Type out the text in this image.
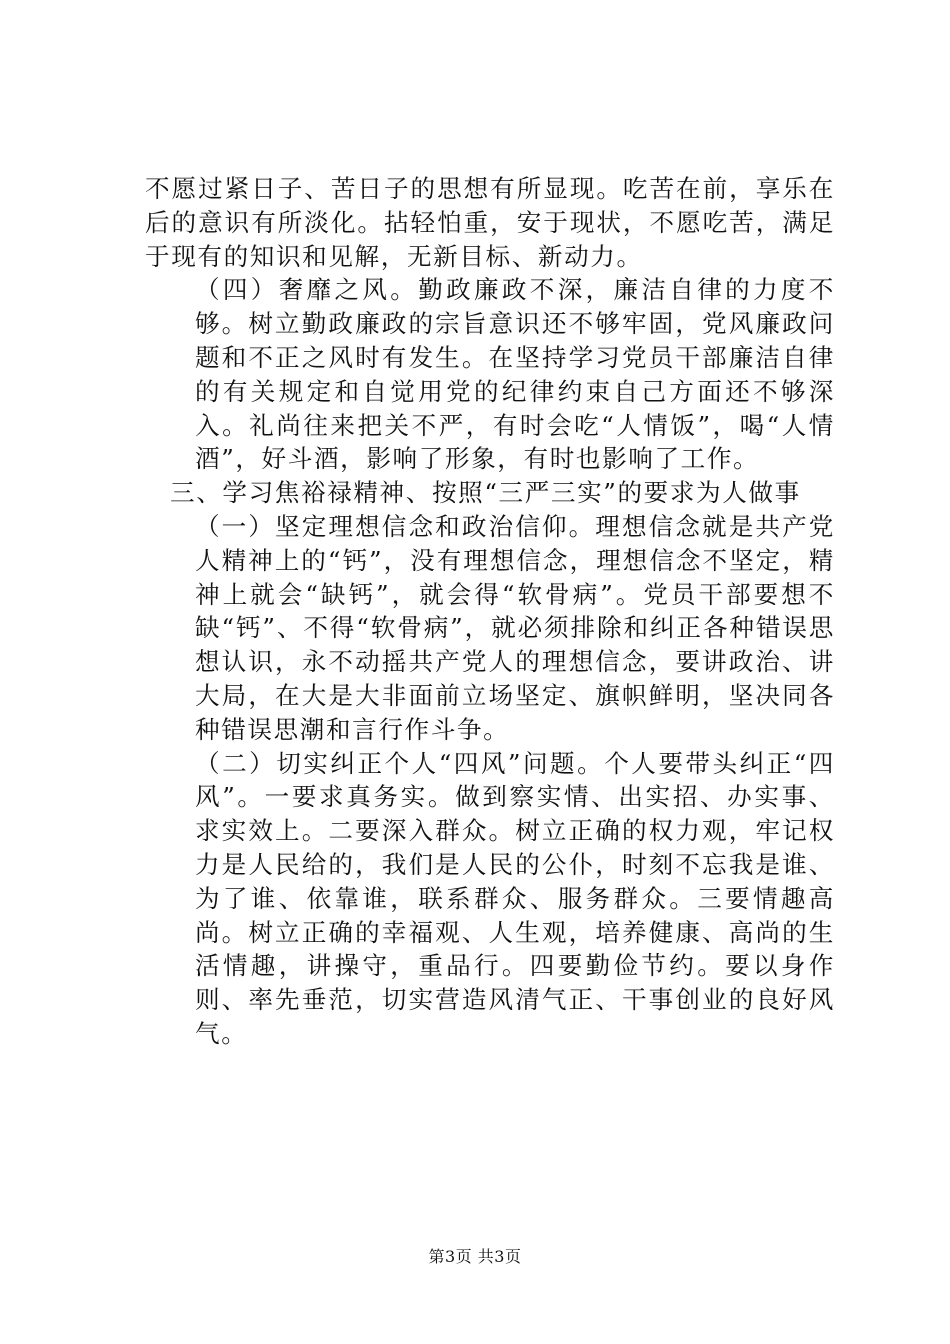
不愿过紧日子、苦日子的思想有所显现。吃苦在前，享乐在后的意识有所淡化。拈轻怕重，安于现状，不愿吃苦，满足于现有的知识和见解，无新目标、新动力。

（四）奢靡之风。勤政廉政不深，廉洁自律的力度不够。树立勤政廉政的宗旨意识还不够牢固，党风廉政问题和不正之风时有发生。在坚持学习党员干部廉洁自律的有关规定和自觉用党的纪律约束自己方面还不够深入。礼尚往来把关不严，有时会吃“人情饭”，喝“人情酒”，好斗酒，影响了形象，有时也影响了工作。

三、学习焦裕禄精神、按照“三严三实”的要求为人做事

（一）坚定理想信念和政治信仰。理想信念就是共产党人精神上的“钙”，没有理想信念，理想信念不坚定，精神上就会“缺钙”，就会得“软骨病”。党员干部要想不缺“钙”、不得“软骨病”，就必须排除和纠正各种错误思想认识，永不动摇共产党人的理想信念，要讲政治、讲大局，在大是大非面前立场坚定、旗帜鲜明，坚决同各种错误思潮和言行作斗争。

（二）切实纠正个人“四风”问题。个人要带头纠正“四风”。一要求真务实。做到察实情、出实招、办实事、求实效上。二要深入群众。树立正确的权力观，牢记权力是人民给的，我们是人民的公仆，时刻不忘我是谁、为了谁、依靠谁，联系群众、服务群众。三要情趣高尚。树立正确的幸福观、人生观，培养健康、高尚的生活情趣，讲操守，重品行。四要勤俭节约。要以身作则、率先垂范，切实营造风清气正、干事创业的良好风气。

第3页 共3页
